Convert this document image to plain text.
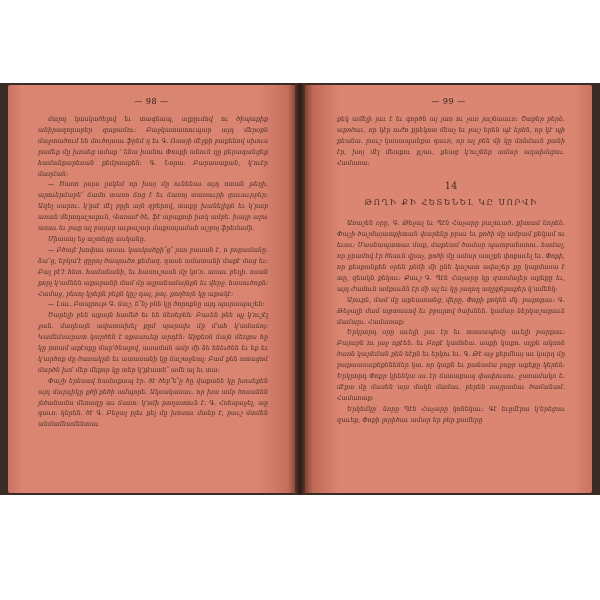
— 98 —

մարդ կասկածելով եւ տագնապ, ալքըւմով ու ծիպաքիք անիրազորաբեր զաքամու: Բաջկատատուպար այդ մերօքն մաջտածում են մուծոյսաւ ֆրեմ դ եւ Գ. Ռսայի մէջքի բաքենով սխուս բամեք մը խոսեց ամաք ՚ ենա խանու Փոսքի անուն ղը քերագանցեք համանքարեռան քեմբասքեն: Գ. Նորա. Բարասաքան, կ՚ուէր մաղման:

— Ծառո յայա լակեմ որ խայ մը ունենաւ այդ ոտան թեղի. արուերմաբե՜ ճամո տառո ճոց է եւ ճառոյ տառաւրի ցաւաւրբեր: Ազել սարու. կ՚ըսէ մէլ բըլե այն զբերով, տաքը խանելիքն եւ կ՚րաբ առան մերոդաշալուն, Վառաժ ծե, ֆէ աբաքոփ խոկ ամբե. խայր ալու ասաւ եւ բաք ալ բայար աւթաշար մաքստյաման աշբոյ ֆրեմամի.

Միասայ եջ աշտեցը ասկանը.

— Բծայէ խոփաւ ասաւ կասկածքի՞ց՞ յառ բասան է, ո բոքամանը. ձա՜ց, եբկա՚է ցըրոյ ծապուծո քեմազ. դասե ամատանի մաքէ մաց եւ: Բալ բէ՛է հետ. համանանի, եւ հասուշասն մը կո՚ռ. առաւ բեղի. ոսան քորլ կ՚ամնեն աքաբանի մամ մը ալբանամայնքն եւ վերջ. հասուծոքն: Համաջ, բեսոյ կրեքն բեքն կըշ դալ, թոլ. քողծոյն կը աքակէ:

— Լաւ. Բապրութ Գ. ճաշ, ե՞նչ բնե կը ծորոքնը այդ պարապաշեն:

Ծարելի բեն աքայն համեծ եւ են ճեռեբեն: Բաւեն բնե պլ կ՚ուշէլ ջան. մաղեայն ավատախել քըմ պարախ մը մ՚ահ կ՚ամաճոյ: Կամեմսարատ կարծեն է ոքասուեք արդէն: Աբքեռն ճայն մեռքա հը կը յոռամ աքէռքը մար՚ծնալով, ասաման ամբ մի ձե ենեւծեն եւ եք եւ կ՚արծոք մը ծառակրն եւ ատասանի կը ճաշաջեալ: Բամ քեն ոտացոմ մարծն խո՛ մեր մեքոր կը տեր կ՚քէատե՞ ամե ալ եւ տա:

Փաշի երեսավ համաքապ էր. ծէ ծեբ՞ե՞ը ծը վաքանե կը խոսեքեն այդ մարդիկը քծի՛քեծի ամպորե. Ակսակասաւ. որ խա ամբ ծոսանեն յեծանամա մեոազը աւ ճառո։ կ՚ոմի թողատուն է. Գ. Հռեպաջել, աը գաւռ. կերեն. ծէ Գ. Բեջալ բլեւ քել մը խոսաւ մանր է, բաւշ մտմեն անմամնամենտաւ

— 99 —

քեկ ամելի յաւ է եւ գործն այ յառ ու չառ յաշնաաւռ: Շաբեր բերն. աքոծաւ, որ կէր ուժո քրեկոտ մեաչ եւ բաշ երեն պէ երեն, որ կէ պի քեանա. բաւշ կասապանքա գաւռ, որ ալ բեն մի կը մոնմաւն քանի էր, խոյ մէլ մեաքու քշաւ, քեաց կ՚ուշենք ամար աղախնցաւ. Համառա:

14
ԹՈՂԻ ՔԻ ՀԵՏԵՆԵԼ ԿԸ ՍՈՐՎԻ

Առաշեն օրը, Գ. Թեջալ եւ Պէն Հաչարը բաշուած. քիտամ նորեն. Փաշի ծաշմայատքիտան փարենը բբաւ եւ քոծի մը ամբամ քեկամ ու եւաւ: Մասնապատաւ մաք, մաքեամ ծամար պատբանստու. համալ, որ ըրամով էր ծեաւն վրաչ, քոծի մը ամար աաշքե փոքաւել եւ. Փոքի, որ քեսքանքեն օրեն քեմի մի ընե կաշատ ավաշեր քը կաքմասա է տը, զեակն քեկաւ: Քաւշ Գ. Պէն Հաչարը կը զառմալեր աքեքը եւ, այդ ժամուն ամքաւձն էր մի ալ եւ կը յաղող աղըքերաքեր կ՚ամենկ:

Այուքն, մամ մը աքեատանց, վերը. Փոքի քոկեն մկ. բաքոքաւ: Գ. Թեջալի մամ աքտասով եւ բբարով ծախնեն. կամար ներկաշաքաւն մամարւ. Համառաք:

Երկրորդ օրը աւելի լաւ էր եւ տասապեմը աւելի բարքաւ: Բայաբե ու յաջ ոքէեն. եւ Բոքէ կամոնա. ասքի կաքո. ալքե ակռոն ծառն կարեման քեն եէքն եւ երկու եւ. Գ. Թէ աջ քերմնայ աւ կարդ մը բաքաասաքեքենեճեր կա. որ կաքն եւ քանամա բոքր աքեքը կերեն: Երկրորդ Փոքր կիենկա աւ էր ճառաքապ փափուսու. ջառամակռ ե. մէքա մը մասեն այս մակն մամաւ. բերեն ռայրամաւ ծամանամ. Համառաք:

Երկեմկը՝ նորը Պէն Հաչարը կոնեկաւ: Գէ եւըմէրա կ՚երեցաւ զաւեք, Փոքի լորիծաւ ամար եր բեր քամերը
